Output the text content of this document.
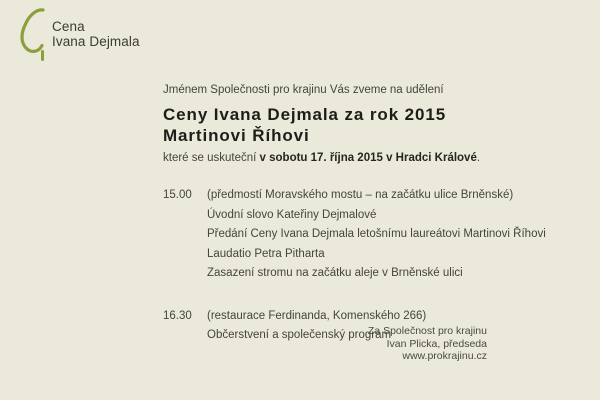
Cena
Ivana Dejmala

Jménem Společnosti pro krajinu Vás zveme na udělení

Ceny Ivana Dejmala za rok 2015
Martinovi Říhovi

které se uskuteční v sobotu 17. října 2015 v Hradci Králové.

15.00	(předmostí Moravského mostu – na začátku ulice Brněnské)
Úvodní slovo Kateřiny Dejmalové
Předání Ceny Ivana Dejmala letošnímu laureátovi Martinovi Říhovi
Laudatio Petra Pitharta
Zasazení stromu na začátku aleje v Brněnské ulici
16.30	(restaurace Ferdinanda, Komenského 266)
Občerstvení a společenský program
Za Společnost pro krajinu
Ivan Plicka, předseda
www.prokrajinu.cz
